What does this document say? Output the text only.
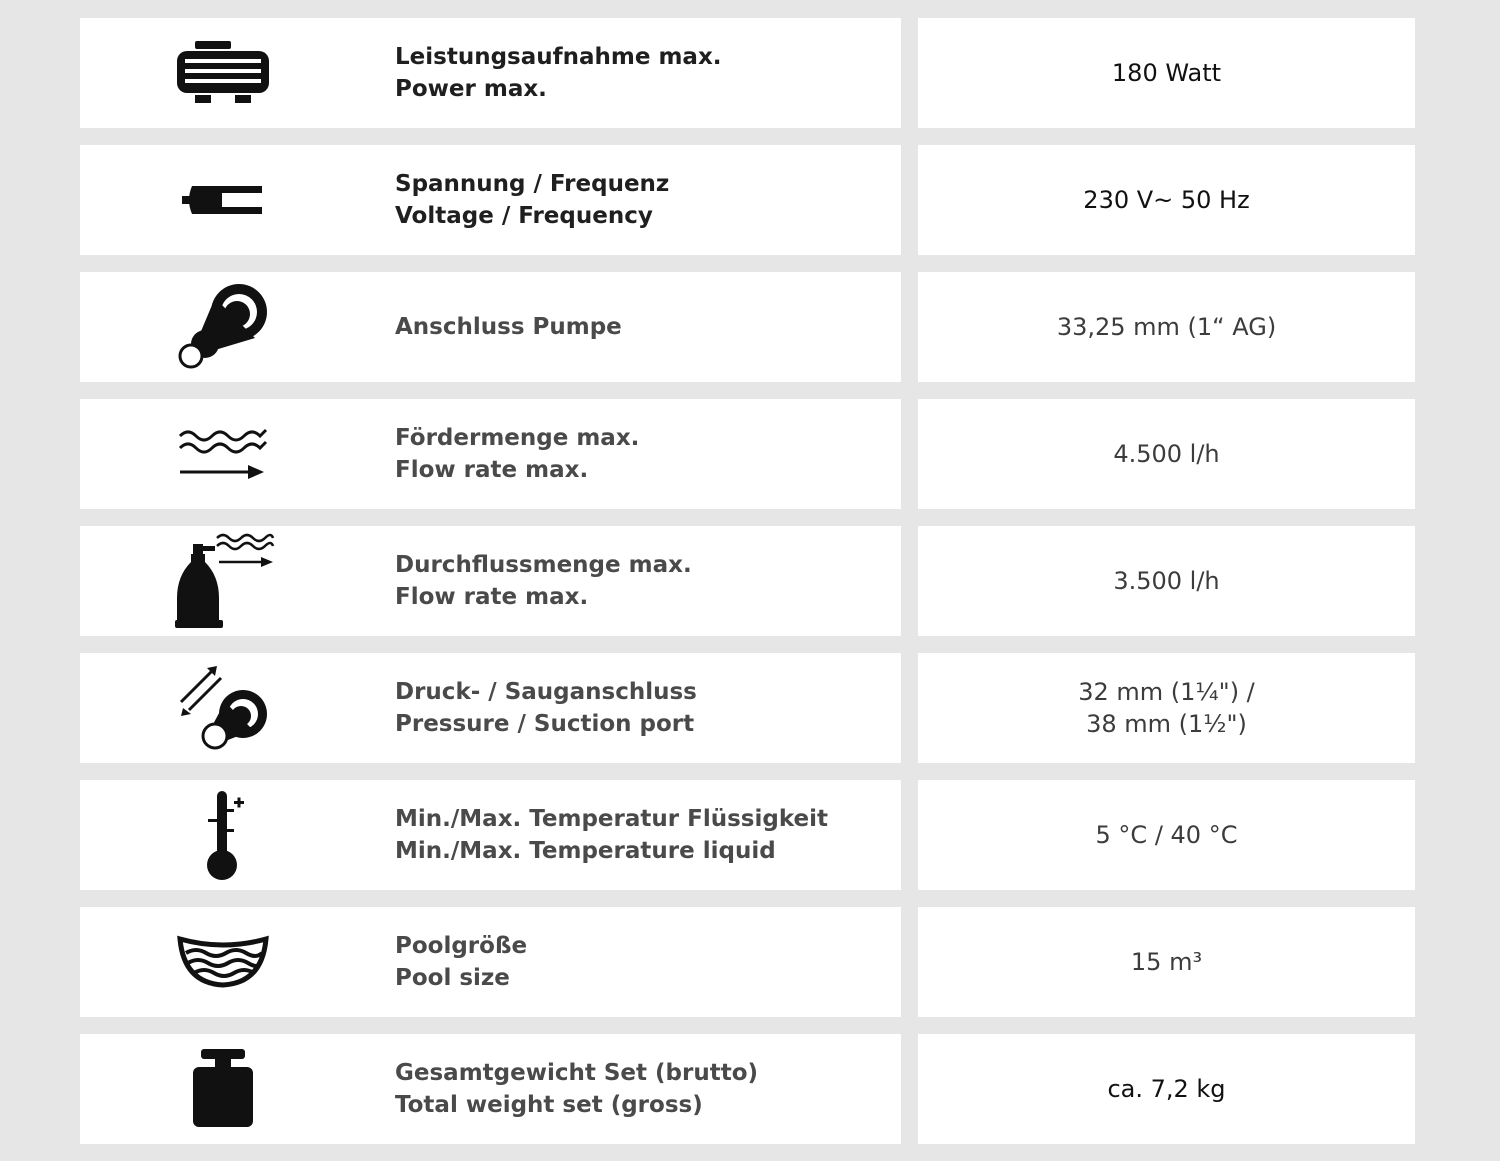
Leistungsaufnahme max.
Power max.
180 Watt
Spannung / Frequenz
Voltage / Frequency
230 V~ 50 Hz
Anschluss Pumpe	33,25 mm (1“ AG)
Fördermenge max.
Flow rate max.
4.500 l/h
Durchflussmenge max.
Flow rate max.
3.500 l/h
Druck- / Sauganschluss
Pressure / Suction port
32 mm (1¼") /
38 mm (1½")
Min./Max. Temperatur Flüssigkeit
Min./Max. Temperature liquid
5 °C / 40 °C
Poolgröße
Pool size
15 m³
Gesamtgewicht Set (brutto)
Total weight set (gross)
ca. 7,2 kg
